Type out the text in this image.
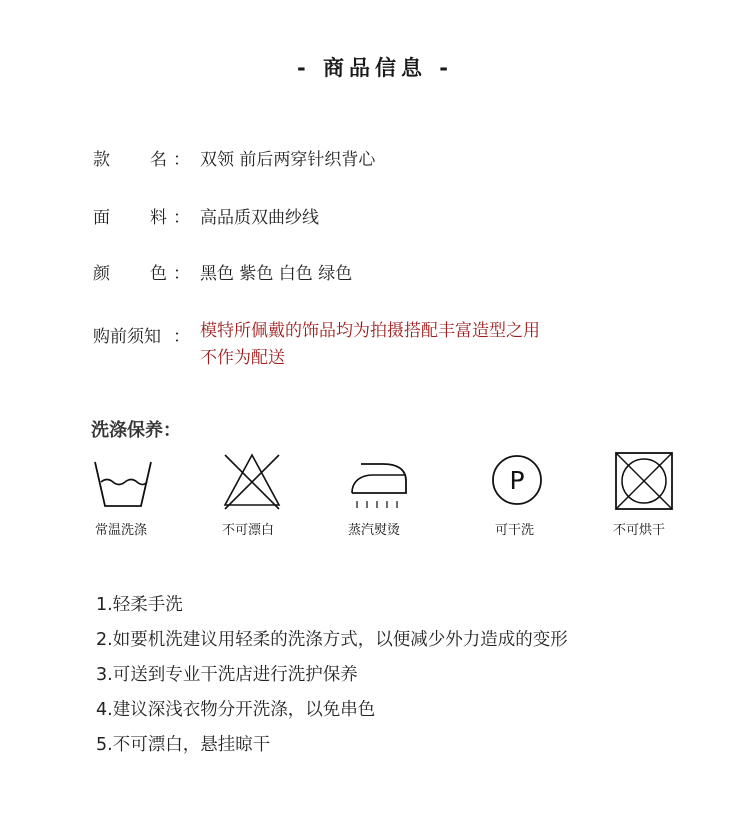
- 商品信息 -
款 名 ： 双领 前后两穿针织背心
面 料 ： 高品质双曲纱线
颜 色 ： 黑色 紫色 白色 绿色
购前须知 ： 模特所佩戴的饰品均为拍摄搭配丰富造型之用
不作为配送
洗涤保养：
常温洗涤	不可漂白	蒸汽熨烫
P
可干洗	不可烘干
1.轻柔手洗
2.如要机洗建议用轻柔的洗涤方式，以便减少外力造成的变形
3.可送到专业干洗店进行洗护保养
4.建议深浅衣物分开洗涤，以免串色
5.不可漂白，悬挂晾干
